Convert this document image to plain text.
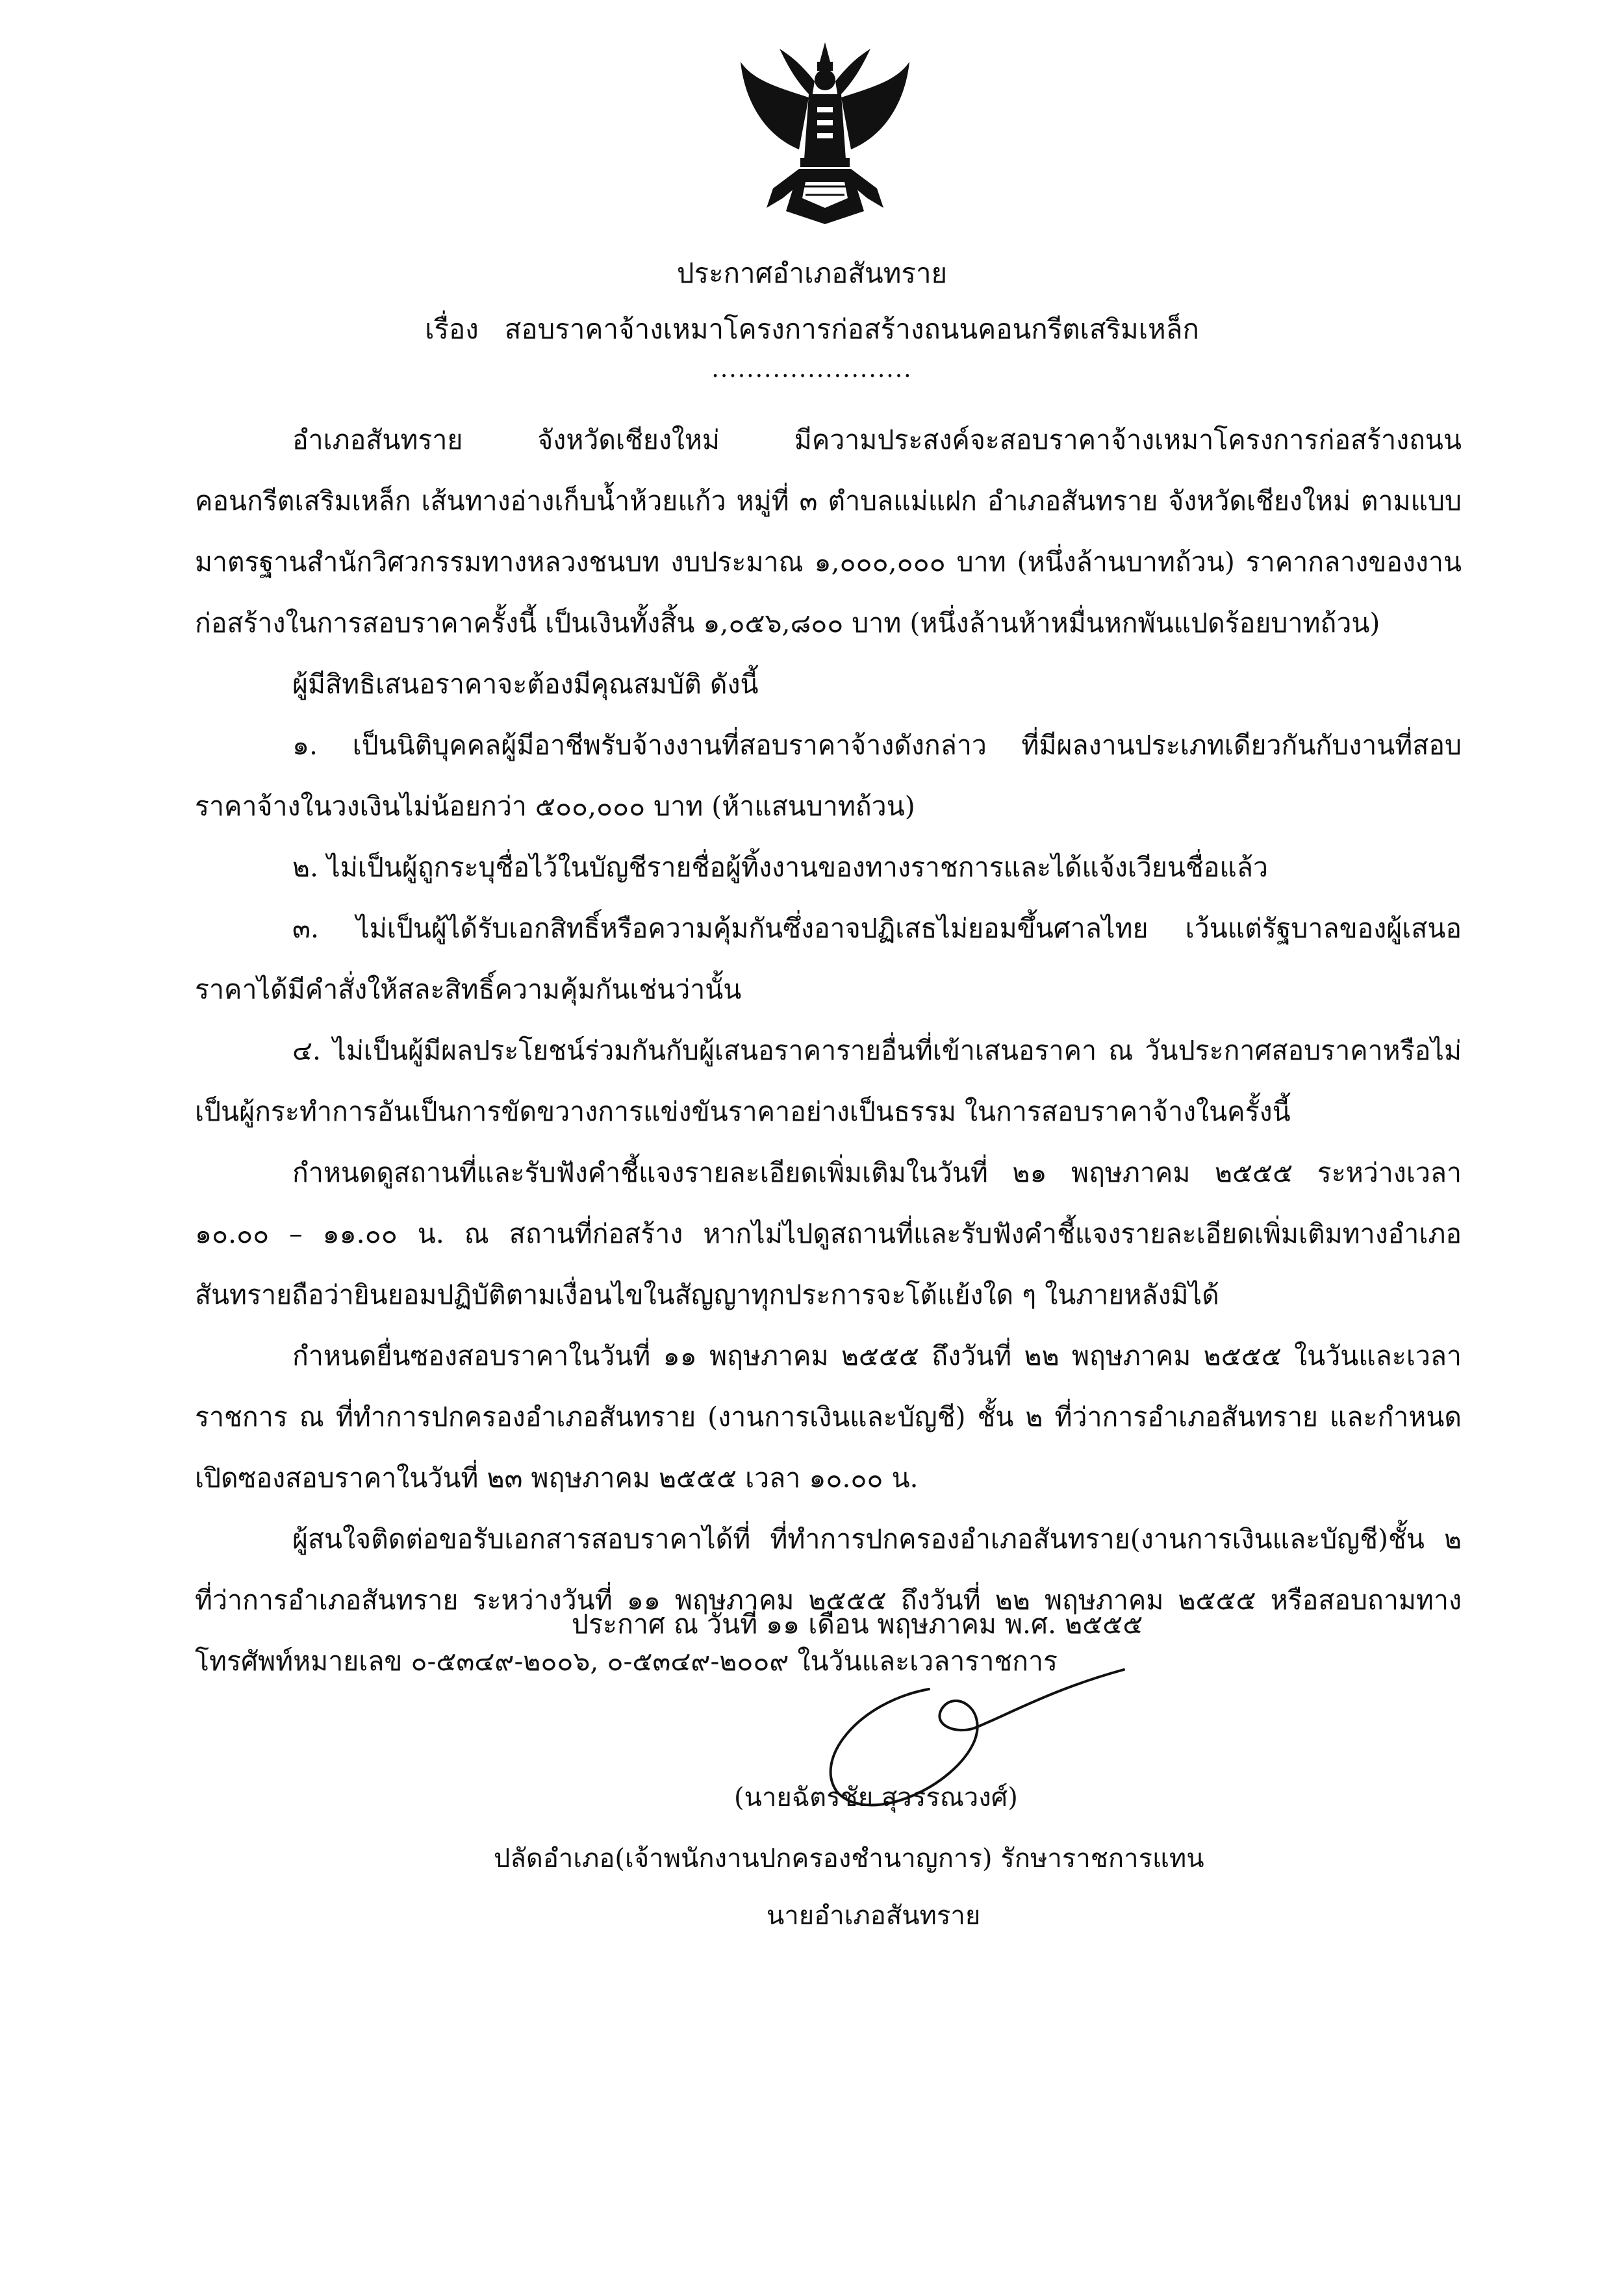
ประกาศอำเภอสันทราย
เรื่อง สอบราคาจ้างเหมาโครงการก่อสร้างถนนคอนกรีตเสริมเหล็ก
.......................

อำเภอสันทราย จังหวัดเชียงใหม่ มีความประสงค์จะสอบราคาจ้างเหมาโครงการก่อสร้างถนนคอนกรีตเสริมเหล็ก เส้นทางอ่างเก็บน้ำห้วยแก้ว หมู่ที่ ๓ ตำบลแม่แฝก อำเภอสันทราย จังหวัดเชียงใหม่ ตามแบบมาตรฐานสำนักวิศวกรรมทางหลวงชนบท งบประมาณ ๑,๐๐๐,๐๐๐ บาท (หนึ่งล้านบาทถ้วน) ราคากลางของงานก่อสร้างในการสอบราคาครั้งนี้ เป็นเงินทั้งสิ้น ๑,๐๕๖,๘๐๐ บาท (หนึ่งล้านห้าหมื่นหกพันแปดร้อยบาทถ้วน)

ผู้มีสิทธิเสนอราคาจะต้องมีคุณสมบัติ ดังนี้

๑. เป็นนิติบุคคลผู้มีอาชีพรับจ้างงานที่สอบราคาจ้างดังกล่าว ที่มีผลงานประเภทเดียวกันกับงานที่สอบราคาจ้างในวงเงินไม่น้อยกว่า ๕๐๐,๐๐๐ บาท (ห้าแสนบาทถ้วน)

๒. ไม่เป็นผู้ถูกระบุชื่อไว้ในบัญชีรายชื่อผู้ทิ้งงานของทางราชการและได้แจ้งเวียนชื่อแล้ว

๓. ไม่เป็นผู้ได้รับเอกสิทธิ์หรือความคุ้มกันซึ่งอาจปฏิเสธไม่ยอมขึ้นศาลไทย เว้นแต่รัฐบาลของผู้เสนอราคาได้มีคำสั่งให้สละสิทธิ์ความคุ้มกันเช่นว่านั้น

๔. ไม่เป็นผู้มีผลประโยชน์ร่วมกันกับผู้เสนอราคารายอื่นที่เข้าเสนอราคา ณ วันประกาศสอบราคาหรือไม่เป็นผู้กระทำการอันเป็นการขัดขวางการแข่งขันราคาอย่างเป็นธรรม ในการสอบราคาจ้างในครั้งนี้

กำหนดดูสถานที่และรับฟังคำชี้แจงรายละเอียดเพิ่มเติมในวันที่ ๒๑ พฤษภาคม ๒๕๕๕ ระหว่างเวลา ๑๐.๐๐ – ๑๑.๐๐ น. ณ สถานที่ก่อสร้าง หากไม่ไปดูสถานที่และรับฟังคำชี้แจงรายละเอียดเพิ่มเติมทางอำเภอสันทรายถือว่ายินยอมปฏิบัติตามเงื่อนไขในสัญญาทุกประการจะโต้แย้งใด ๆ ในภายหลังมิได้

กำหนดยื่นซองสอบราคาในวันที่ ๑๑ พฤษภาคม ๒๕๕๕ ถึงวันที่ ๒๒ พฤษภาคม ๒๕๕๕ ในวันและเวลาราชการ ณ ที่ทำการปกครองอำเภอสันทราย (งานการเงินและบัญชี) ชั้น ๒ ที่ว่าการอำเภอสันทราย และกำหนดเปิดซองสอบราคาในวันที่ ๒๓ พฤษภาคม ๒๕๕๕ เวลา ๑๐.๐๐ น.

ผู้สนใจติดต่อขอรับเอกสารสอบราคาได้ที่ ที่ทำการปกครองอำเภอสันทราย(งานการเงินและบัญชี)ชั้น ๒ ที่ว่าการอำเภอสันทราย ระหว่างวันที่ ๑๑ พฤษภาคม ๒๕๕๕ ถึงวันที่ ๒๒ พฤษภาคม ๒๕๕๕ หรือสอบถามทางโทรศัพท์หมายเลข ๐-๕๓๔๙-๒๐๐๖, ๐-๕๓๔๙-๒๐๐๙ ในวันและเวลาราชการ

ประกาศ ณ วันที่ ๑๑ เดือน พฤษภาคม พ.ศ. ๒๕๕๕
(นายฉัตรชัย สุวรรณวงศ์)
ปลัดอำเภอ(เจ้าพนักงานปกครองชำนาญการ) รักษาราชการแทน
นายอำเภอสันทราย
